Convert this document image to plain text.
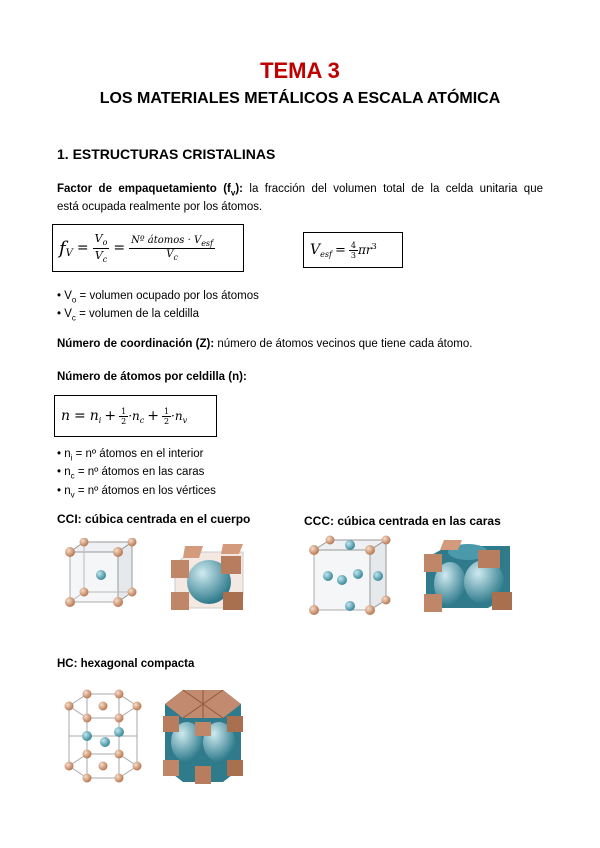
TEMA 3
LOS MATERIALES METÁLICOS A ESCALA ATÓMICA
1. ESTRUCTURAS CRISTALINAS
Factor de empaquetamiento $(f_v)$: la fracción del volumen total de la celda unitaria que
está ocupada realmente por los átomos.
$f_V = \frac{V_o}{V_c} = \frac{Nº átomos \cdot V_{esf}}{V_c}$	$V_{esf} = \frac{4}{3} \pi r^3$
• $V_o$ = volumen ocupado por los átomos
• $V_c$ = volumen de la celdilla
Número de coordinación (Z): número de átomos vecinos que tiene cada átomo.
Número de átomos por celdilla (n):
$n = n_i + \frac{1}{2} \cdot n_c + \frac{1}{2} \cdot n_v$
• $n_i$ = nº átomos en el interior
• $n_c$ = nº átomos en las caras
• $n_v$ = nº átomos en los vértices
CCI: cúbica centrada en el cuerpo	CCC: cúbica centrada en las caras
HC: hexagonal compacta
